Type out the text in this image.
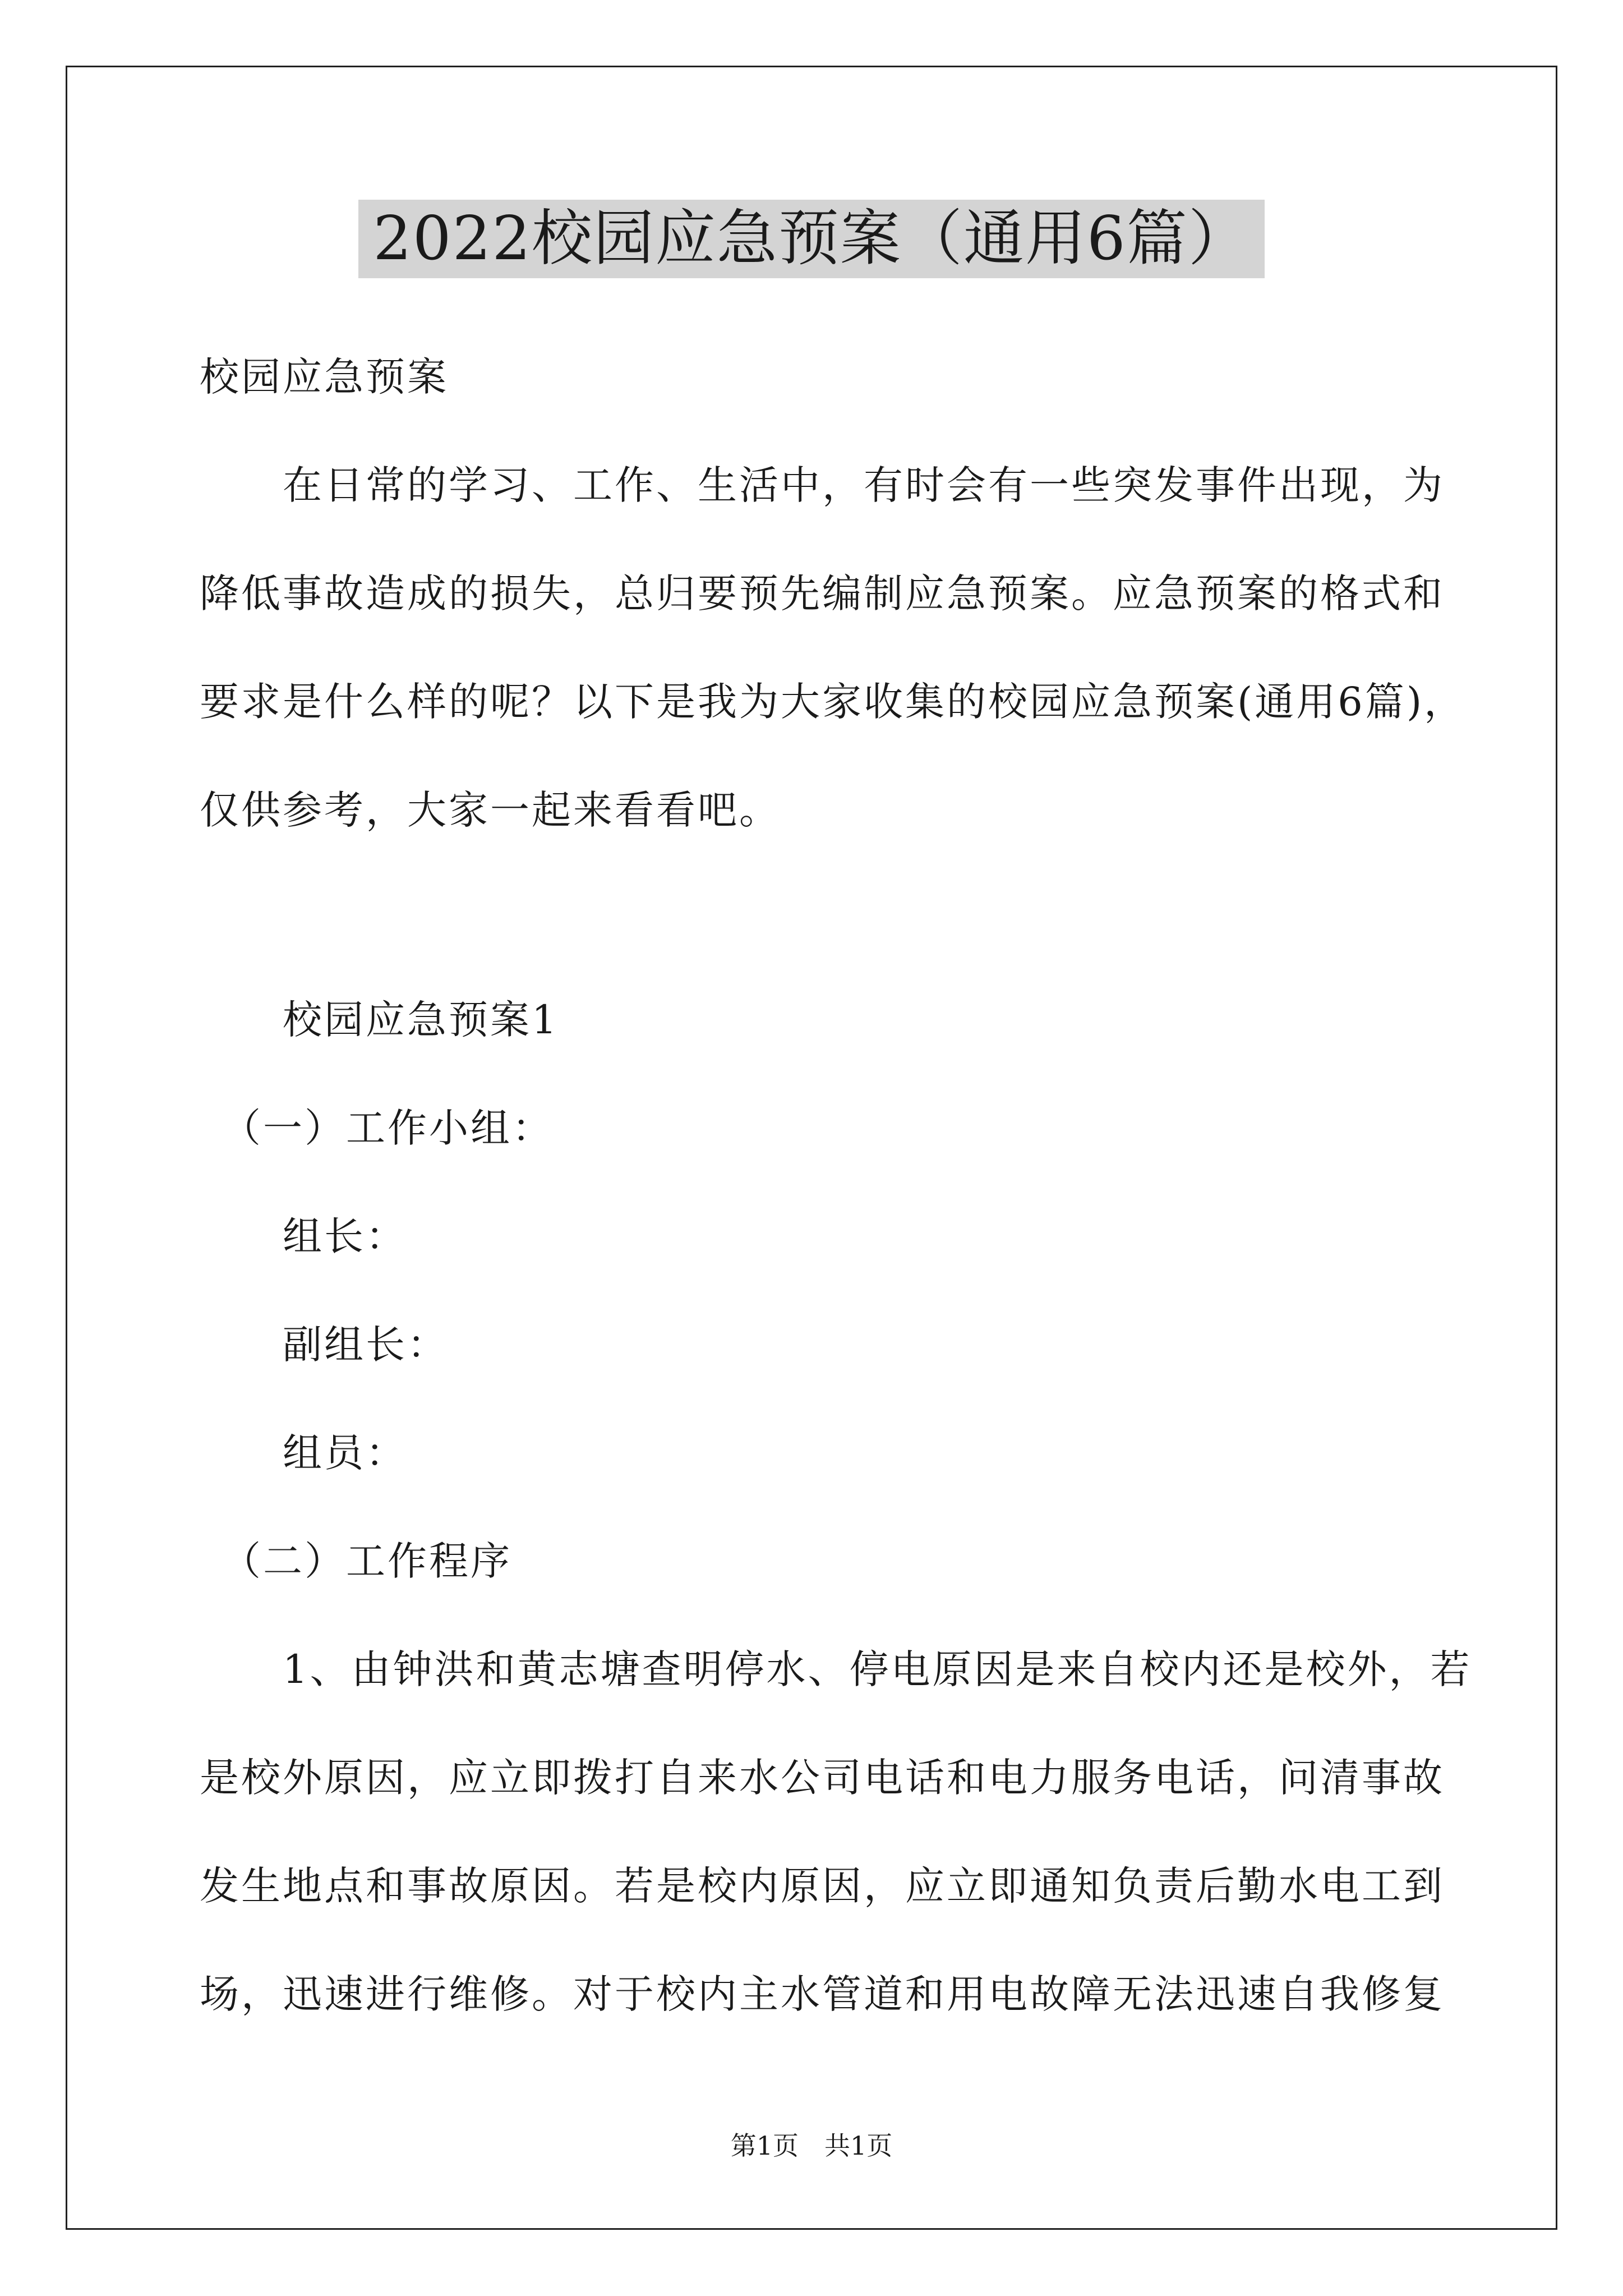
2022校园应急预案（通用6篇）
校园应急预案
　　在日常的学习、工作、生活中，有时会有一些突发事件出现，为
降低事故造成的损失，总归要预先编制应急预案。应急预案的格式和
要求是什么样的呢？以下是我为大家收集的校园应急预案(通用6篇)，
仅供参考，大家一起来看看吧。
　　校园应急预案1
　（一）工作小组：
　　组长：
　　副组长：
　　组员：
　（二）工作程序
　　1、由钟洪和黄志塘查明停水、停电原因是来自校内还是校外，若
是校外原因，应立即拨打自来水公司电话和电力服务电话，问清事故
发生地点和事故原因。若是校内原因，应立即通知负责后勤水电工到
场，迅速进行维修。对于校内主水管道和用电故障无法迅速自我修复
第1页　共1页
